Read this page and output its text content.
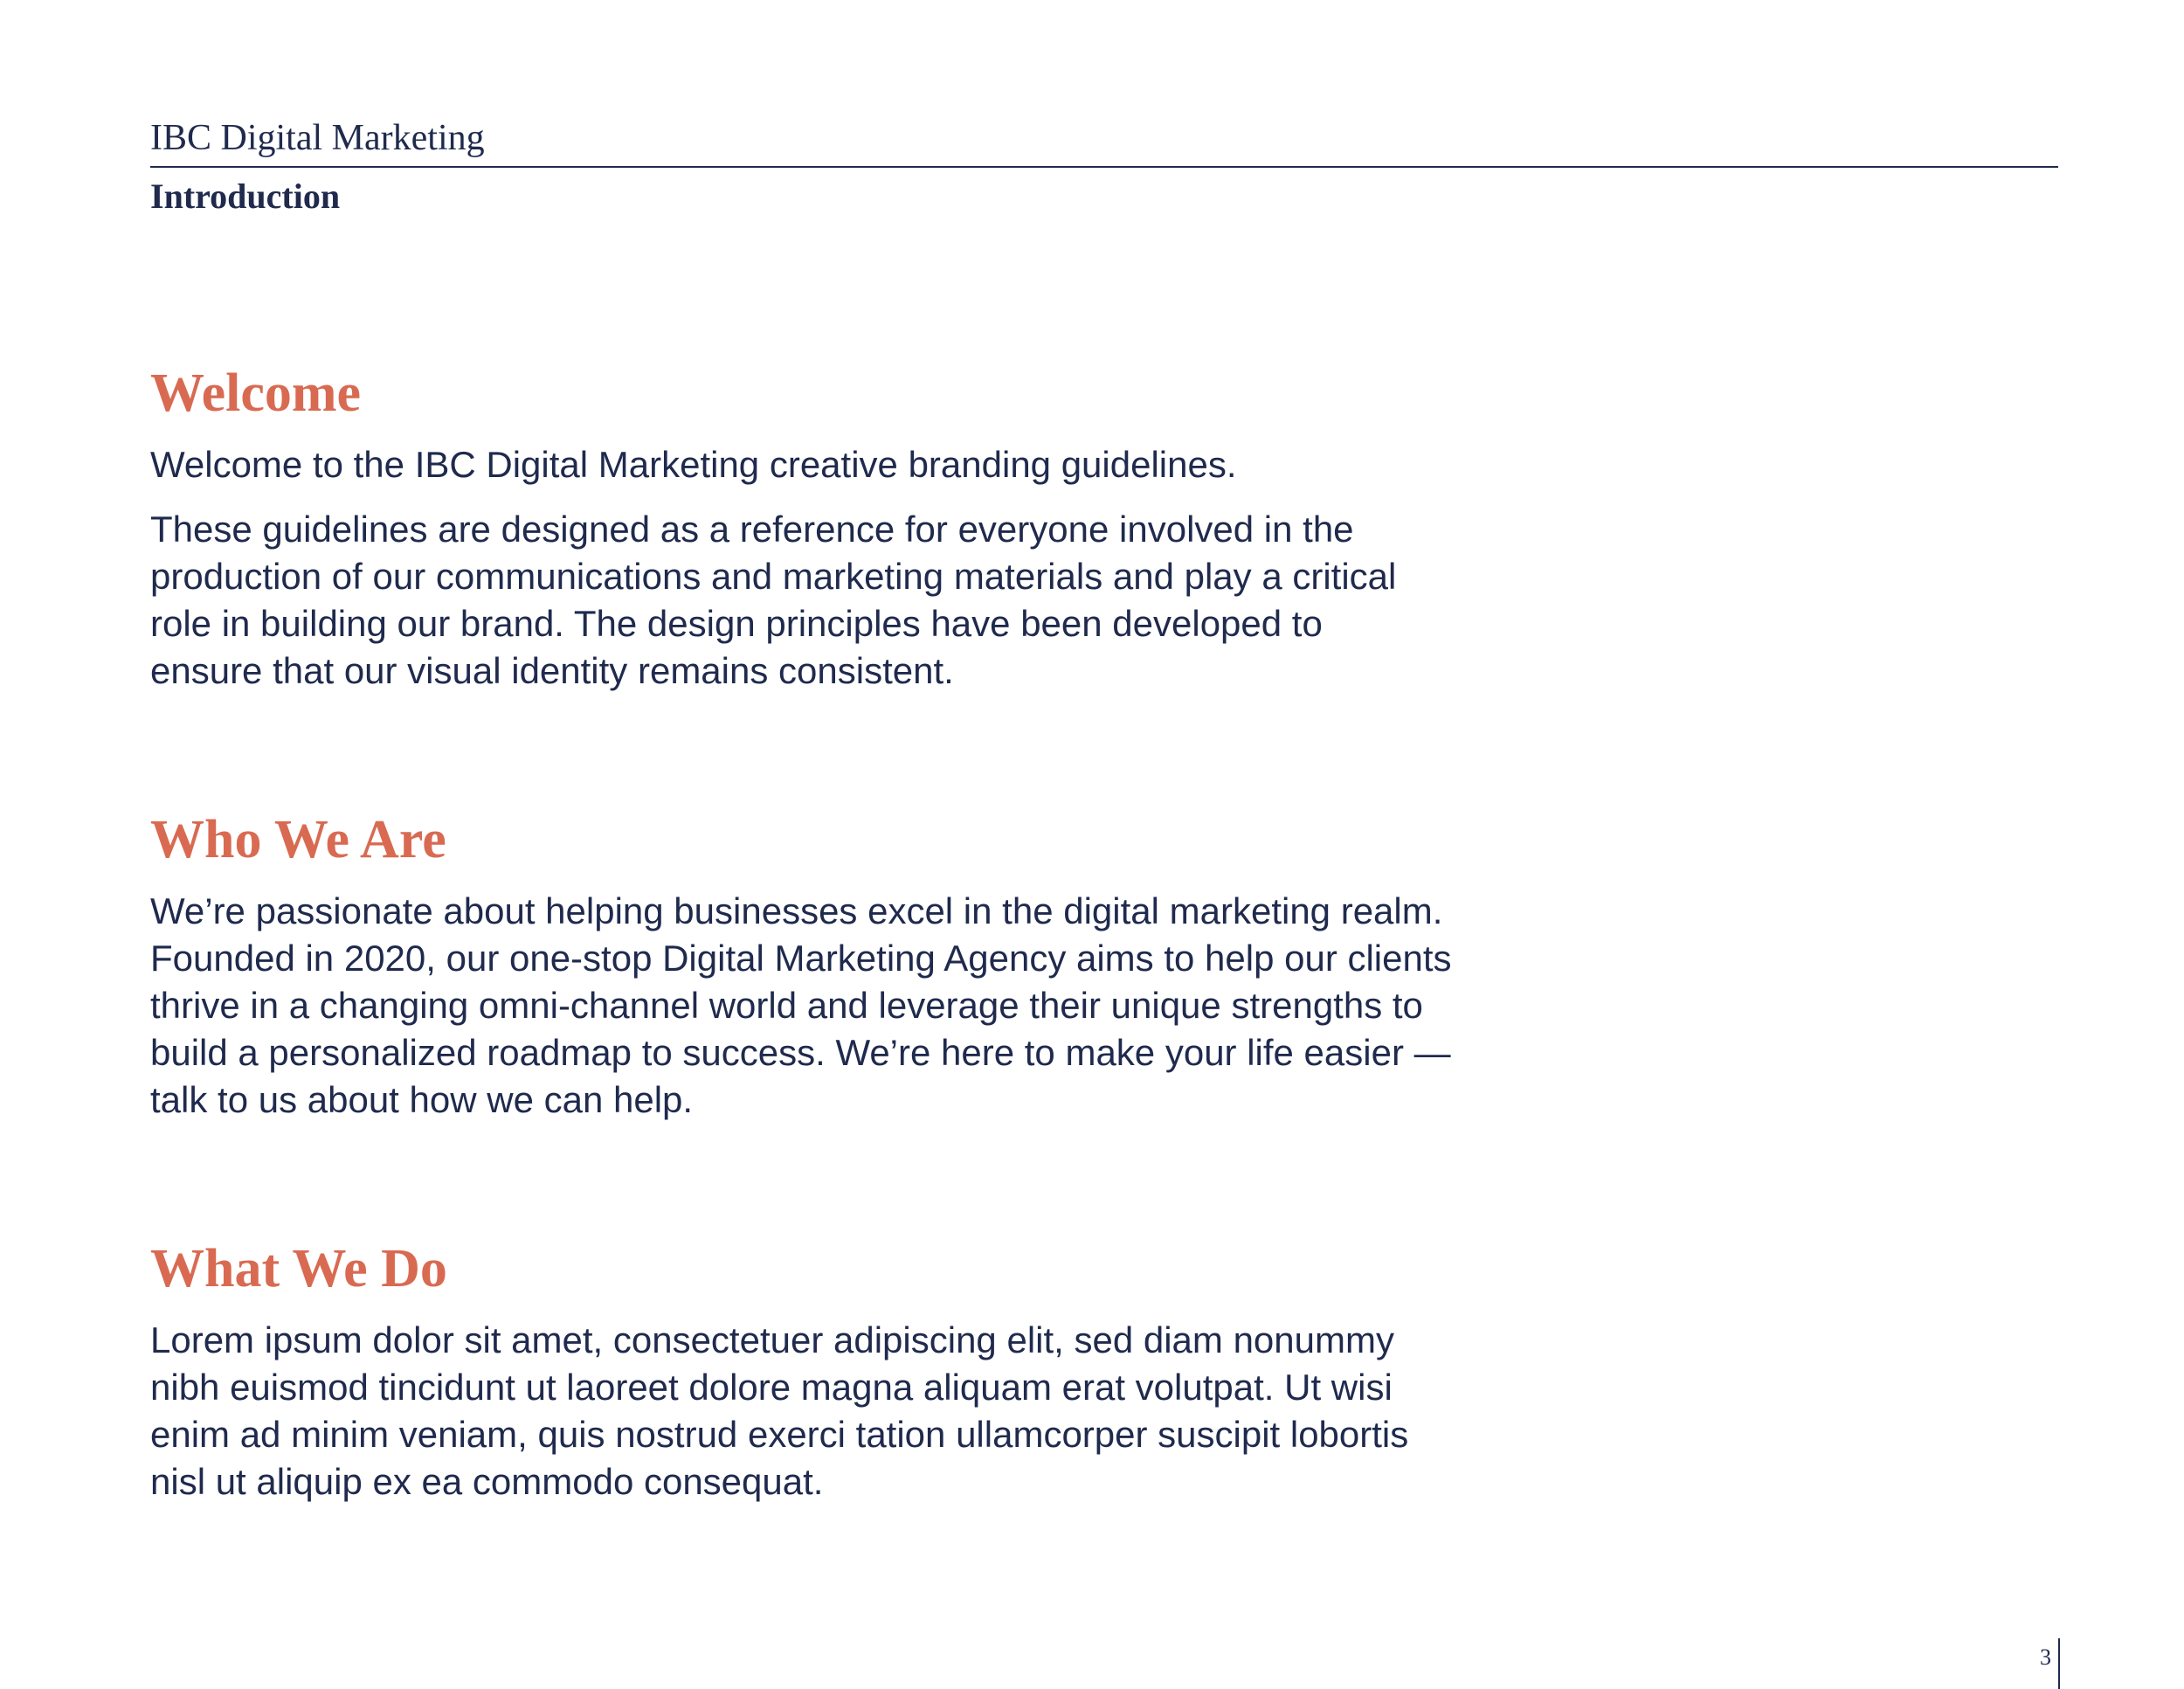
IBC Digital Marketing
Introduction
Welcome

Welcome to the IBC Digital Marketing creative branding guidelines.

These guidelines are designed as a reference for everyone involved in the
production of our communications and marketing materials and play a critical
role in building our brand. The design principles have been developed to
ensure that our visual identity remains consistent.

Who We Are

We’re passionate about helping businesses excel in the digital marketing realm.
Founded in 2020, our one-stop Digital Marketing Agency aims to help our clients
thrive in a changing omni-channel world and leverage their unique strengths to
build a personalized roadmap to success. We’re here to make your life easier —
talk to us about how we can help.

What We Do

Lorem ipsum dolor sit amet, consectetuer adipiscing elit, sed diam nonummy
nibh euismod tincidunt ut laoreet dolore magna aliquam erat volutpat. Ut wisi
enim ad minim veniam, quis nostrud exerci tation ullamcorper suscipit lobortis
nisl ut aliquip ex ea commodo consequat.

3
